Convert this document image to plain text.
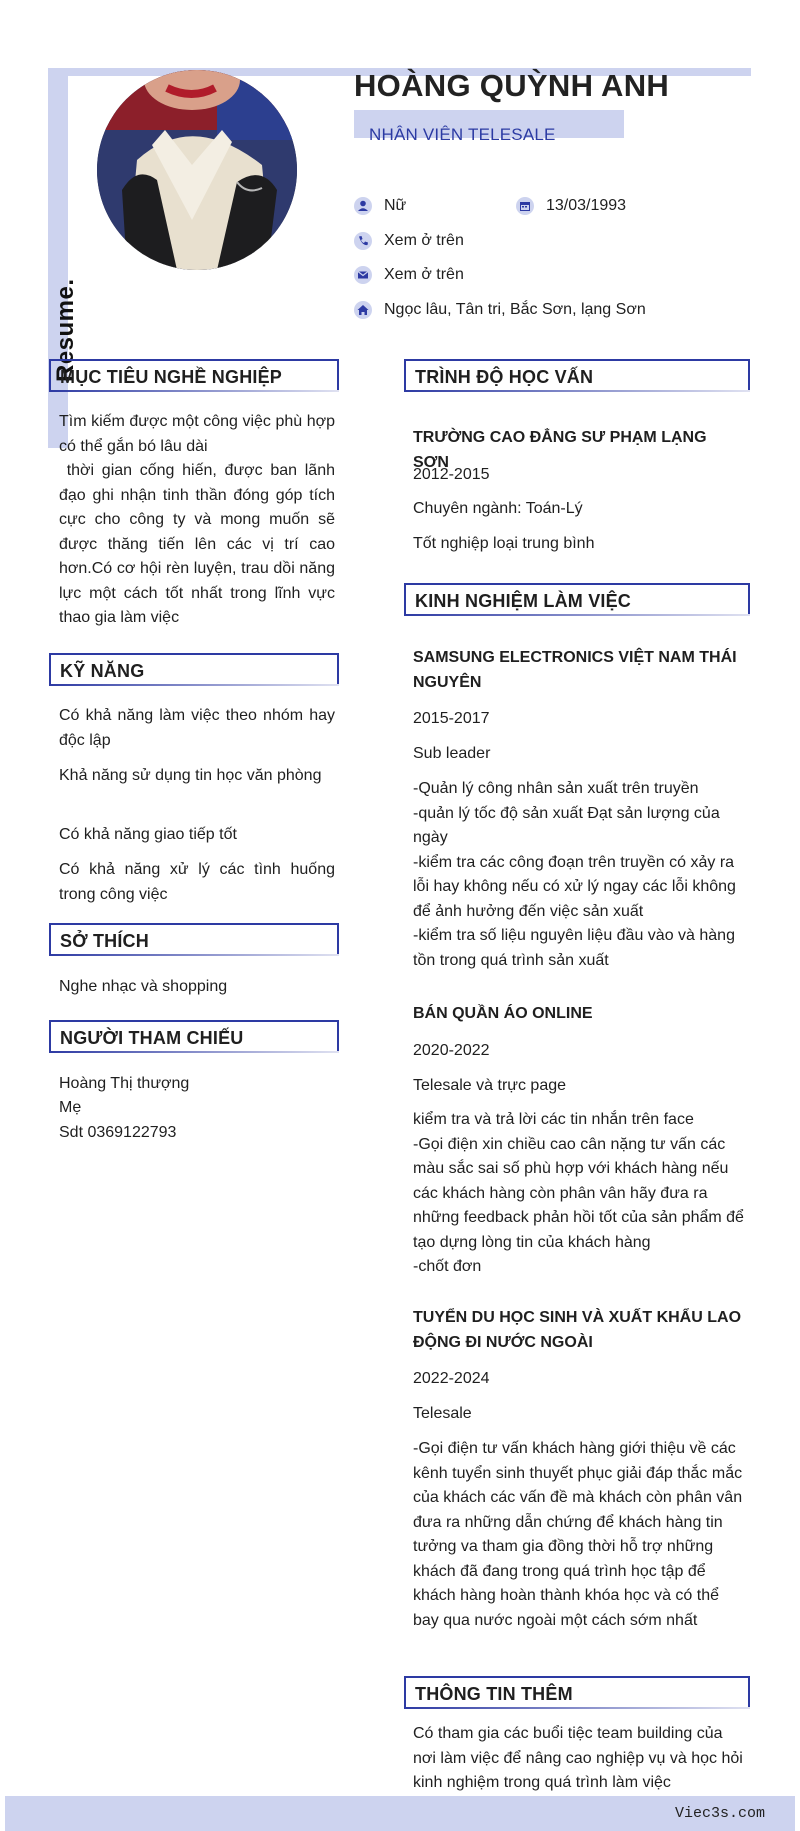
Resume.
HOÀNG QUỲNH ANH
NHÂN VIÊN TELESALE
Nữ	13/03/1993
Xem ở trên
Xem ở trên
Ngọc lâu, Tân tri, Bắc Sơn, lạng Sơn
MỤC TIÊU NGHỀ NGHIỆP
Tìm kiếm được một công việc phù hợp có thể gắn bó lâu dài
thời gian cống hiến, được ban lãnh đạo ghi nhận tinh thần đóng góp tích cực cho công ty và mong muốn sẽ được thăng tiến lên các vị trí cao hơn.Có cơ hội rèn luyện, trau dồi năng lực một cách tốt nhất trong lĩnh vực thao gia làm việc
KỸ NĂNG
Có khả năng làm việc theo nhóm hay độc lập
Khả năng sử dụng tin học văn phòng
Có khả năng giao tiếp tốt
Có khả năng xử lý các tình huống trong công việc
SỞ THÍCH
Nghe nhạc và shopping
NGƯỜI THAM CHIẾU
Hoàng Thị thượng
Mẹ
Sdt 0369122793
TRÌNH ĐỘ HỌC VẤN
TRƯỜNG CAO ĐẲNG SƯ PHẠM LẠNG SƠN
2012-2015
Chuyên ngành: Toán-Lý
Tốt nghiệp loại trung bình
KINH NGHIỆM LÀM VIỆC
SAMSUNG ELECTRONICS VIỆT NAM THÁI NGUYÊN
2015-2017
Sub leader
-Quản lý công nhân sản xuất trên truyền
-quản lý tốc độ sản xuất Đạt sản lượng của ngày
-kiểm tra các công đoạn trên truyền có xảy ra lỗi hay không nếu có xử lý ngay các lỗi không để ảnh hưởng đến việc sản xuất
-kiểm tra số liệu nguyên liệu đầu vào và hàng tồn trong quá trình sản xuất
BÁN QUẦN ÁO ONLINE
2020-2022
Telesale và trực page
kiểm tra và trả lời các tin nhắn trên face
-Gọi điện xin chiều cao cân nặng tư vấn các màu sắc sai số phù hợp với khách hàng nếu các khách hàng còn phân vân hãy đưa ra những feedback phản hồi tốt của sản phẩm để tạo dựng lòng tin của khách hàng
-chốt đơn
TUYỂN DU HỌC SINH VÀ XUẤT KHẨU LAO ĐỘNG ĐI NƯỚC NGOÀI
2022-2024
Telesale
-Gọi điện tư vấn khách hàng giới thiệu về các kênh tuyển sinh thuyết phục giải đáp thắc mắc của khách các vấn đề mà khách còn phân vân đưa ra những dẫn chứng để khách hàng tin tưởng va tham gia đồng thời hỗ trợ những khách đã đang trong quá trình học tập để khách hàng hoàn thành khóa học và có thể bay qua nước ngoài một cách sớm nhất
THÔNG TIN THÊM
Có tham gia các buổi tiệc team building của nơi làm việc để nâng cao nghiệp vụ và học hỏi kinh nghiệm trong quá trình làm việc
Viec3s.com
